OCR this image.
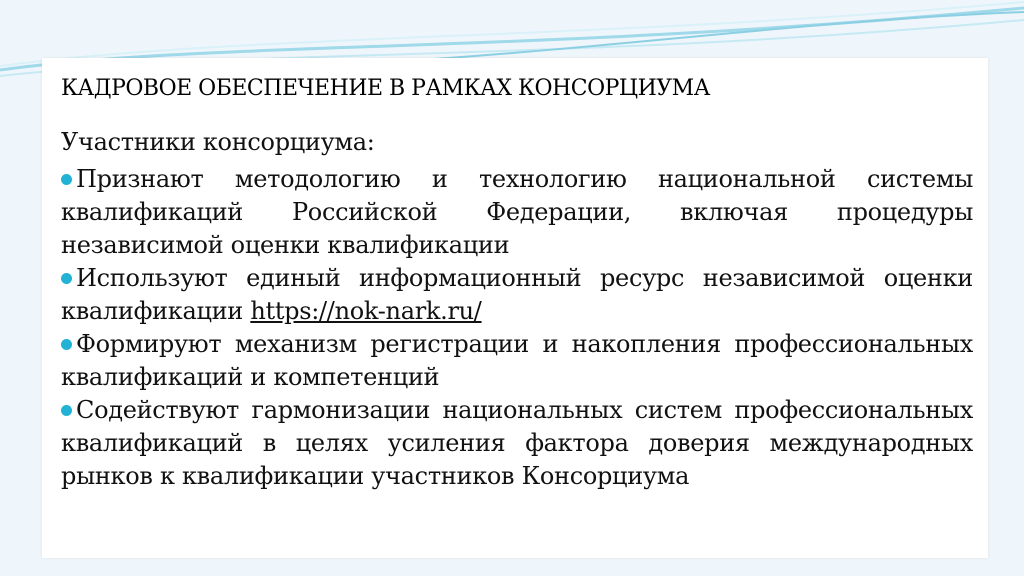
КАДРОВОЕ ОБЕСПЕЧЕНИЕ В РАМКАХ КОНСОРЦИУМА

Участники консорциума:

Признают методологию и технологию национальной системы квалификаций Российской Федерации, включая процедуры независимой оценки квалификации

Используют единый информационный ресурс независимой оценки квалификации https://nok-nark.ru/

Формируют механизм регистрации и накопления профессиональных квалификаций и компетенций

Содействуют гармонизации национальных систем профессиональных квалификаций в целях усиления фактора доверия международных рынков к квалификации участников Консорциума
